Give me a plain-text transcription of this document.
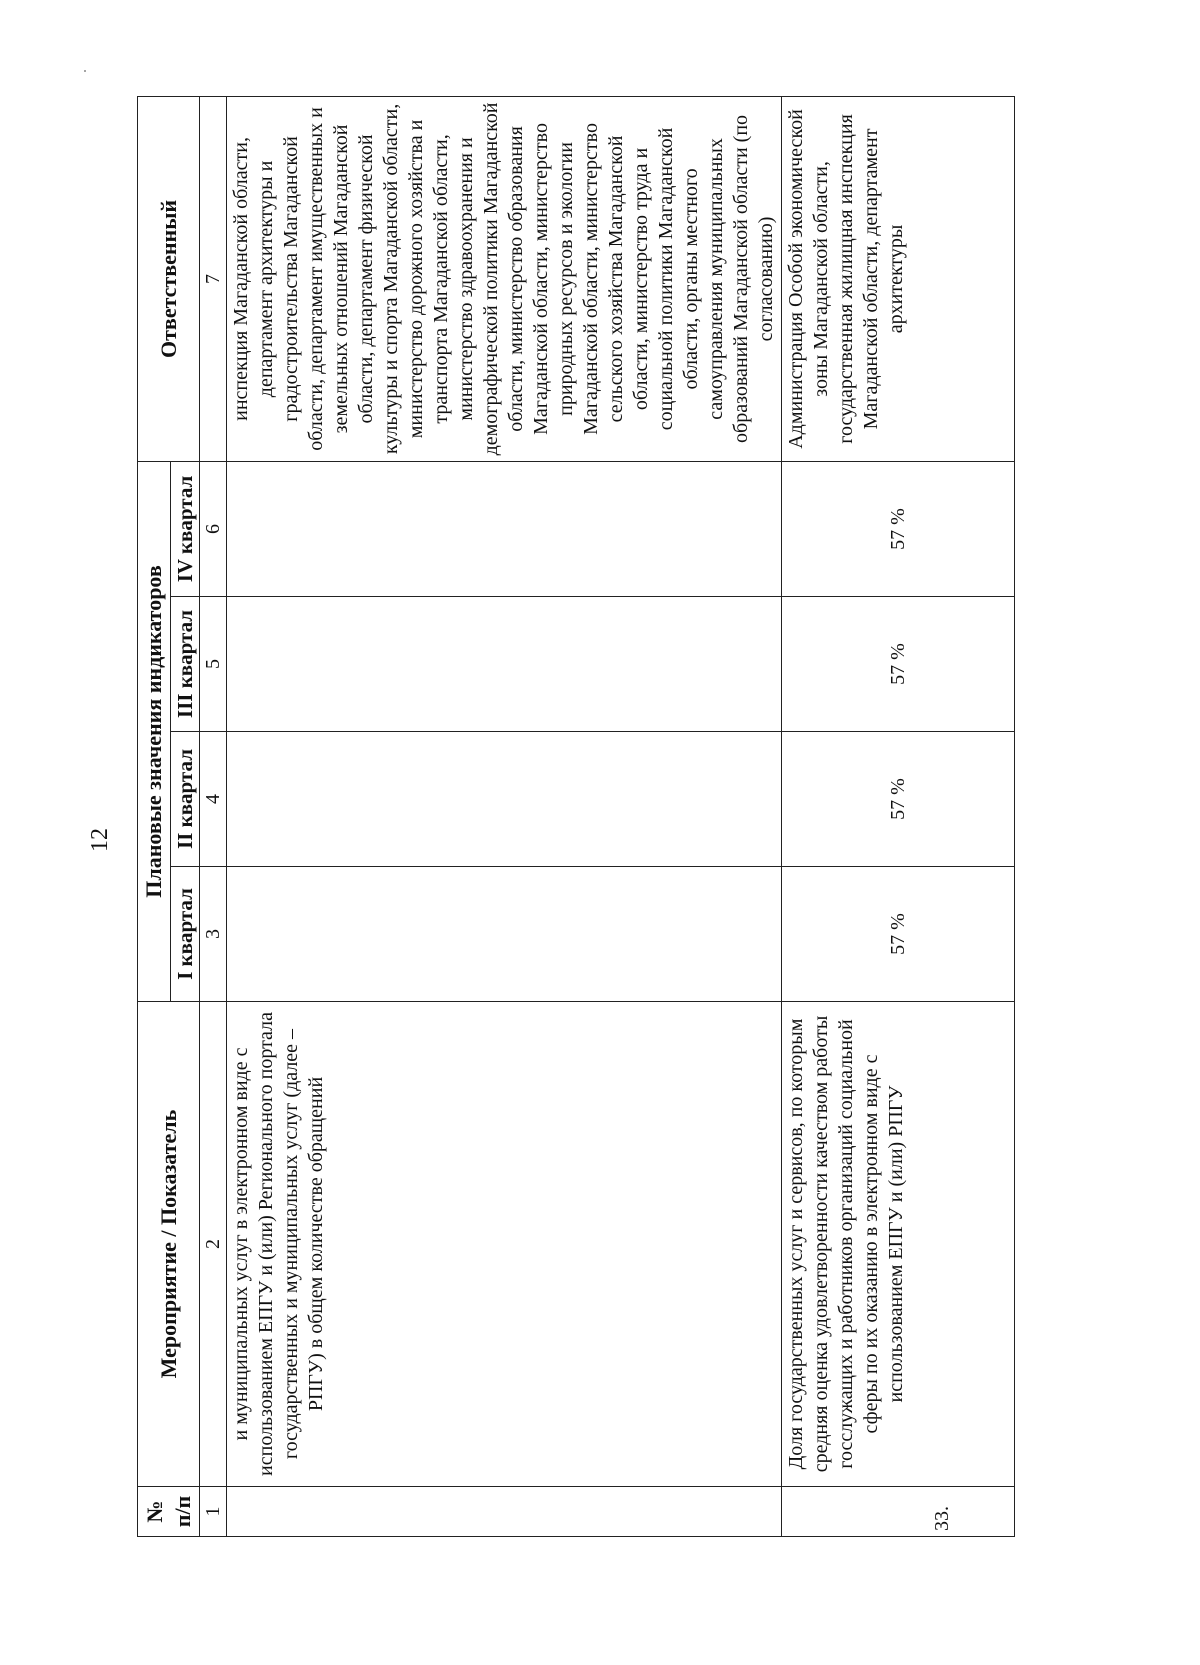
12
№ п/п	Мероприятие / Показатель	Плановые значения индикаторов				Ответственный
		I квартал	II квартал	III квартал	IV квартал	
1	2	3	4	5	6	7
	и муниципальных услуг в электронном виде с использованием ЕПГУ и (или) Регионального портала государственных и муниципальных услуг (далее – РПГУ) в общем количестве обращений					инспекция Магаданской области, департамент архитектуры и градостроительства Магаданской области, департамент имущественных и земельных отношений Магаданской области, департамент физической культуры и спорта Магаданской области, министерство дорожного хозяйства и транспорта Магаданской области, министерство здравоохранения и демографической политики Магаданской области, министерство образования Магаданской области, министерство природных ресурсов и экологии Магаданской области, министерство сельского хозяйства Магаданской области, министерство труда и социальной политики Магаданской области, органы местного самоуправления муниципальных образований Магаданской области (по согласованию)
33.	Доля государственных услуг и сервисов, по которым средняя оценка удовлетворенности качеством работы госслужащих и работников организаций социальной сферы по их оказанию в электронном виде с использованием ЕПГУ и (или) РПГУ	57 %	57 %	57 %	57 %	Администрация Особой экономической зоны Магаданской области, государственная жилищная инспекция Магаданской области, департамент архитектуры
